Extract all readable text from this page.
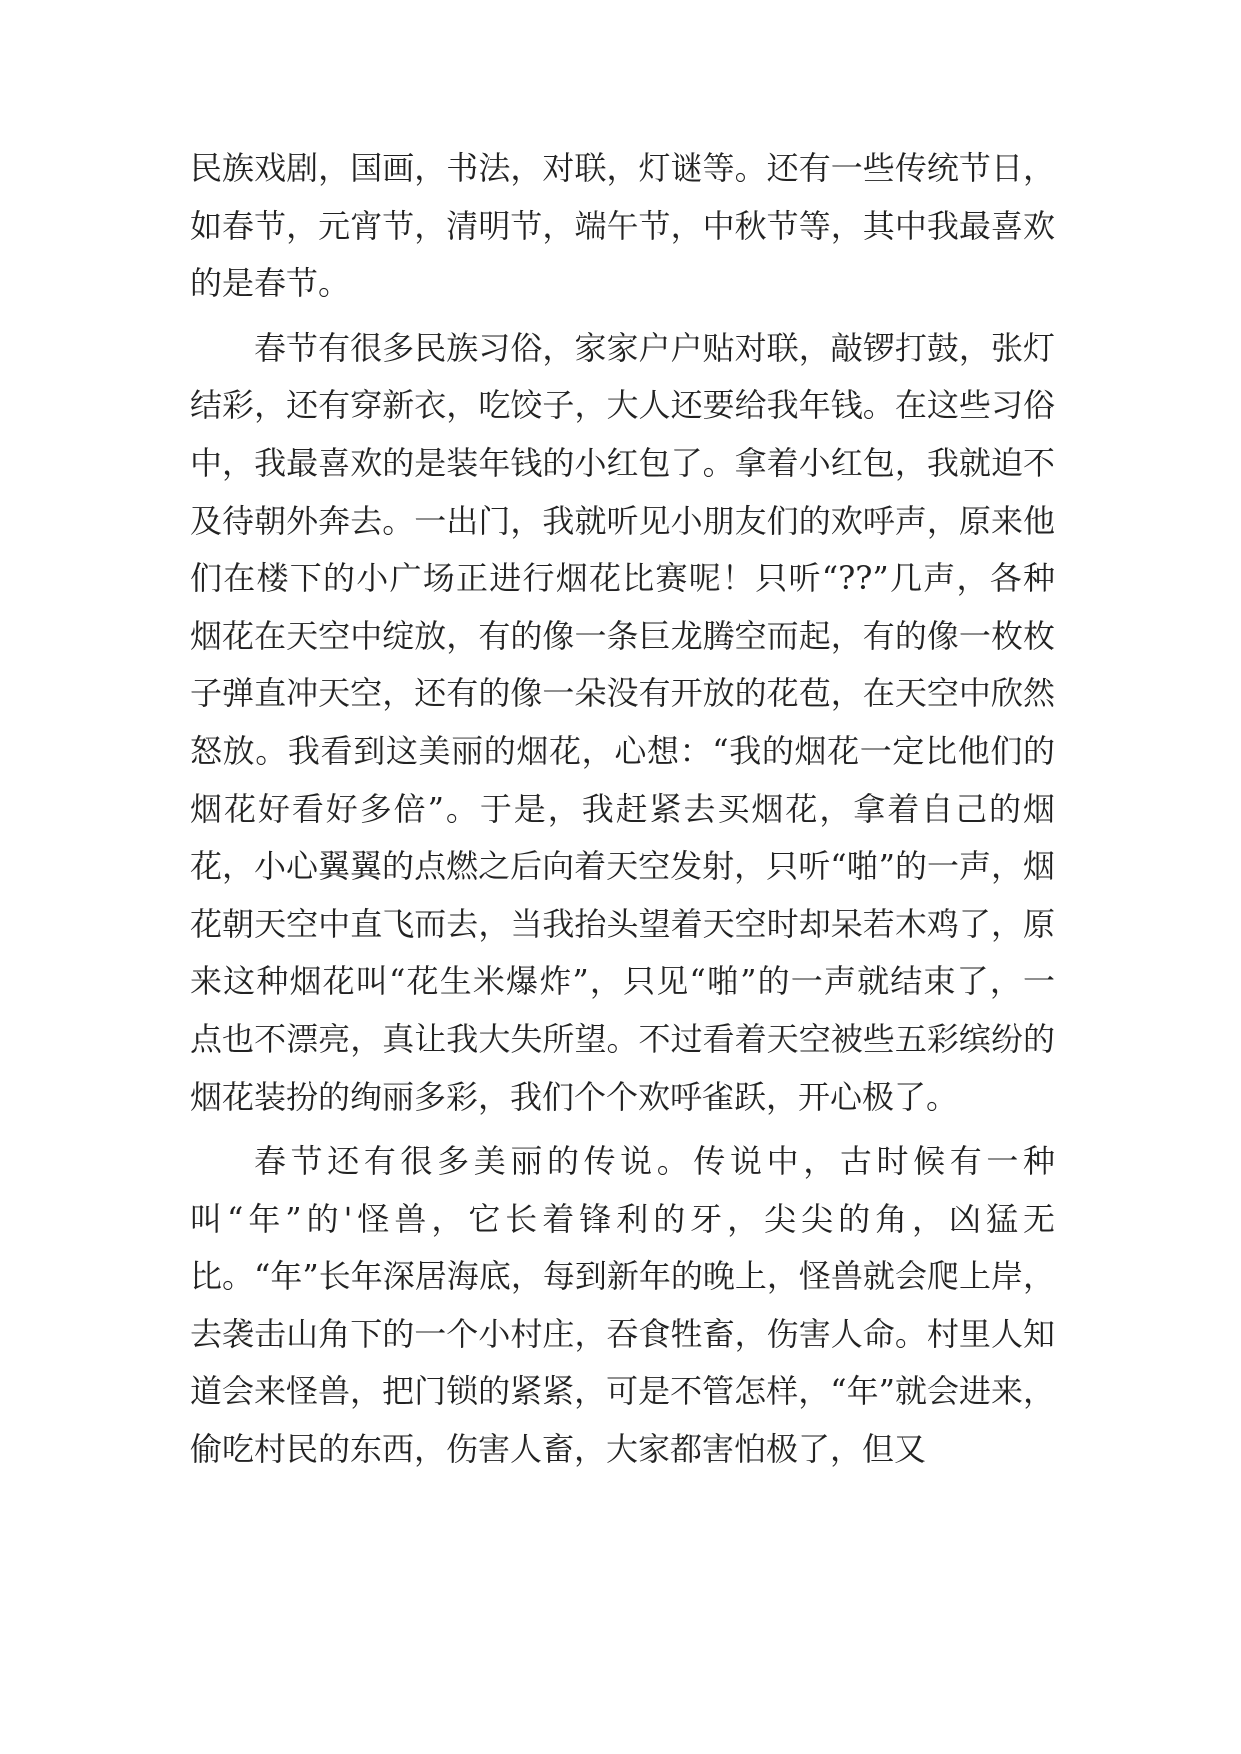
民族戏剧，国画，书法，对联，灯谜等。还有一些传统节日，如春节，元宵节，清明节，端午节，中秋节等，其中我最喜欢的是春节。

春节有很多民族习俗，家家户户贴对联，敲锣打鼓，张灯结彩，还有穿新衣，吃饺子，大人还要给我年钱。在这些习俗中，我最喜欢的是装年钱的小红包了。拿着小红包，我就迫不及待朝外奔去。一出门，我就听见小朋友们的欢呼声，原来他们在楼下的小广场正进行烟花比赛呢！只听“??”几声，各种烟花在天空中绽放，有的像一条巨龙腾空而起，有的像一枚枚子弹直冲天空，还有的像一朵没有开放的花苞，在天空中欣然怒放。我看到这美丽的烟花，心想：“我的烟花一定比他们的烟花好看好多倍”。于是，我赶紧去买烟花，拿着自己的烟花，小心翼翼的点燃之后向着天空发射，只听“啪”的一声，烟花朝天空中直飞而去，当我抬头望着天空时却呆若木鸡了，原来这种烟花叫“花生米爆炸”，只见“啪”的一声就结束了，一点也不漂亮，真让我大失所望。不过看着天空被些五彩缤纷的烟花装扮的绚丽多彩，我们个个欢呼雀跃，开心极了。

春节还有很多美丽的传说。传说中，古时候有一种叫“年”的'怪兽，它长着锋利的牙，尖尖的角，凶猛无比。“年”长年深居海底，每到新年的晚上，怪兽就会爬上岸，去袭击山角下的一个小村庄，吞食牲畜，伤害人命。村里人知道会来怪兽，把门锁的紧紧，可是不管怎样，“年”就会进来，偷吃村民的东西，伤害人畜，大家都害怕极了，但又
